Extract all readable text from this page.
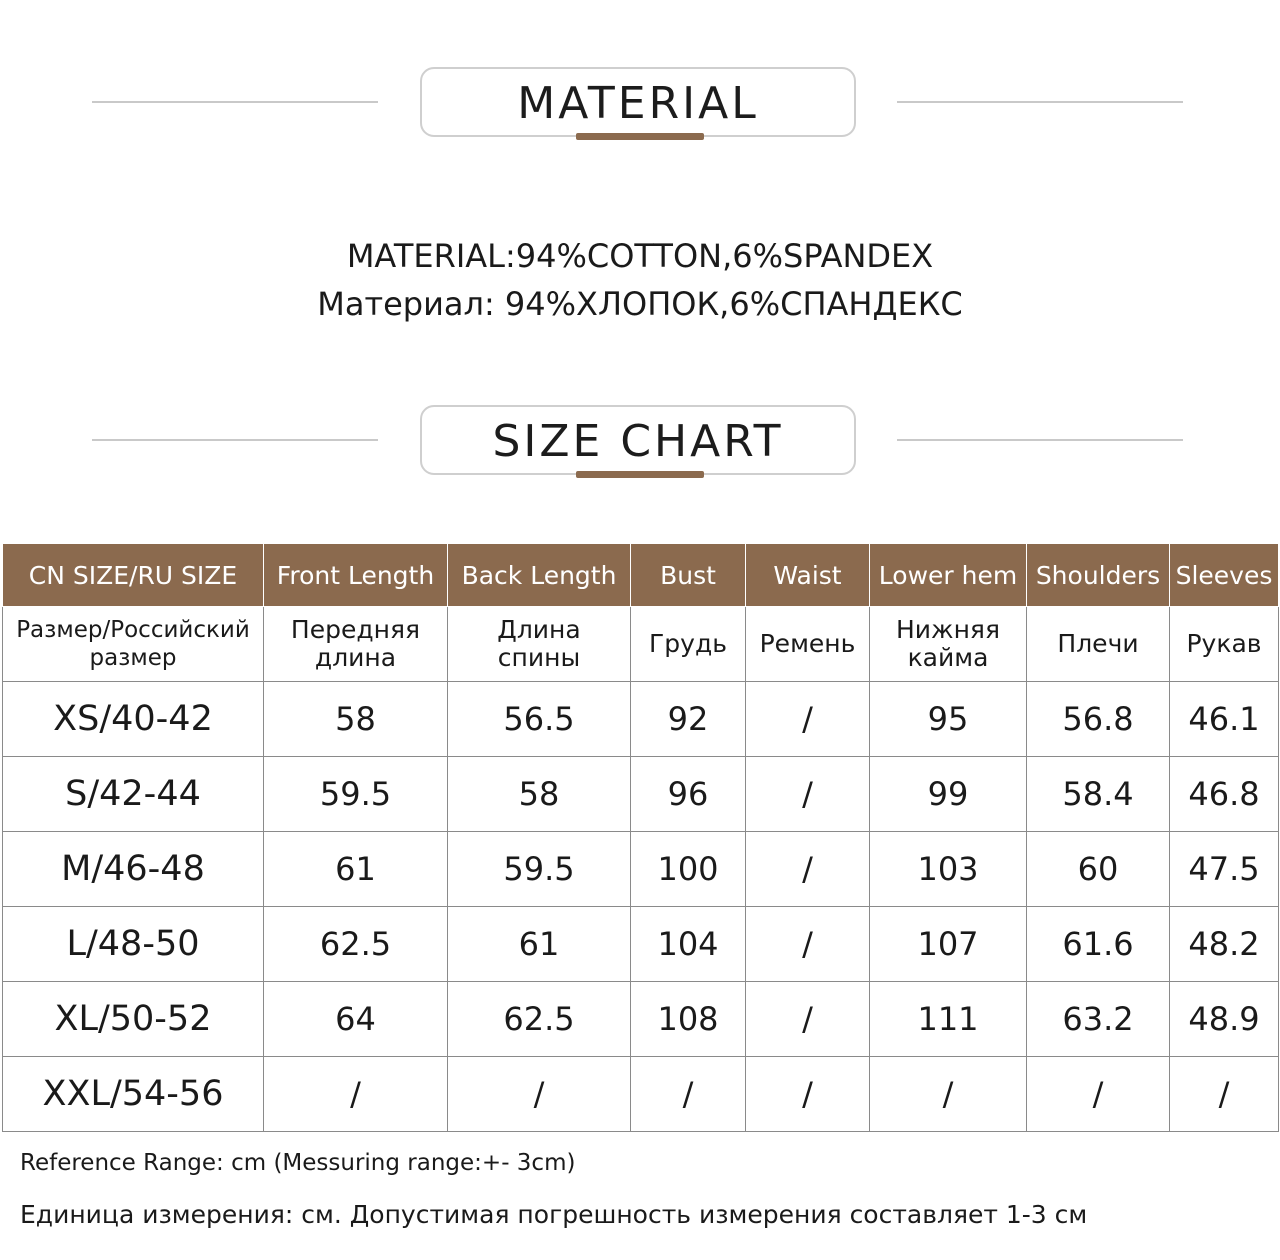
MATERIAL
MATERIAL:94%COTTON,6%SPANDEX
Материал: 94%ХЛОПОК,6%СПАНДЕКС
SIZE CHART
CN SIZE/RU SIZE	Front Length	Back Length	Bust	Waist	Lower hem	Shoulders	Sleeves
Размер/Российский размер	Передняя длина	Длина спины	Грудь	Ремень	Нижняя кайма	Плечи	Рукав
XS/40-42	58	56.5	92	/	95	56.8	46.1
S/42-44	59.5	58	96	/	99	58.4	46.8
M/46-48	61	59.5	100	/	103	60	47.5
L/48-50	62.5	61	104	/	107	61.6	48.2
XL/50-52	64	62.5	108	/	111	63.2	48.9
XXL/54-56	/	/	/	/	/	/	/
Reference Range: cm (Messuring range:+- 3cm)
Единица измерения: см. Допустимая погрешность измерения составляет 1-3 см
